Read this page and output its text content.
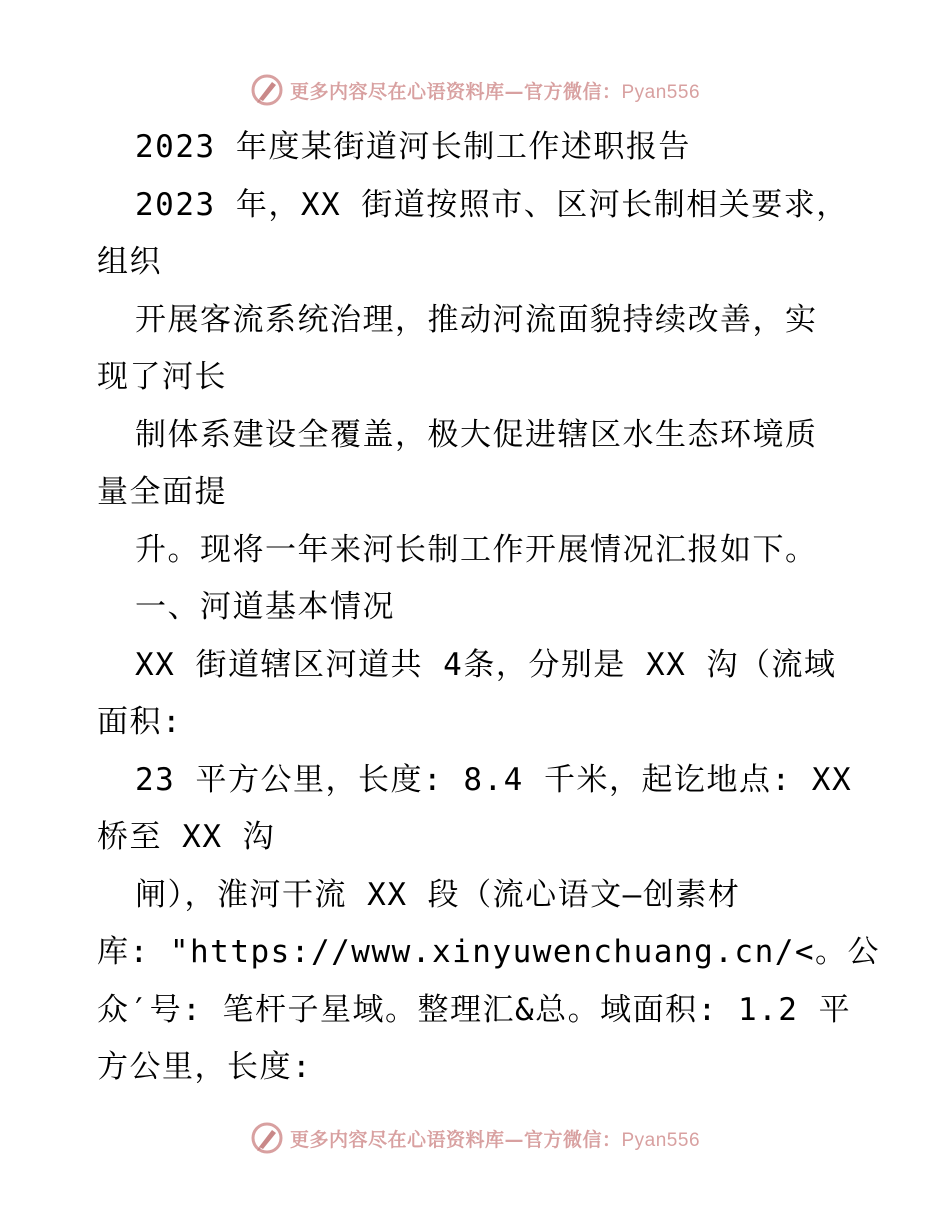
更多内容尽在心语资料库—官方微信：Pyan556
2023 年度某街道河长制工作述职报告
2023 年，XX 街道按照市、区河长制相关要求，
组织
开展客流系统治理，推动河流面貌持续改善，实
现了河长
制体系建设全覆盖，极大促进辖区水生态环境质
量全面提
升。现将一年来河长制工作开展情况汇报如下。
一、河道基本情况
XX 街道辖区河道共 4条，分别是 XX 沟（流域
面积:
23 平方公里，长度: 8.4 千米，起讫地点: XX
桥至 XX 沟
闸），淮河干流 XX 段（流心语文—创素材
库: "https://www.xinyuwenchuang.cn/<。公
众′号: 笔杆子星域。整理汇&总。域面积: 1.2 平
方公里，长度:
更多内容尽在心语资料库—官方微信：Pyan556
